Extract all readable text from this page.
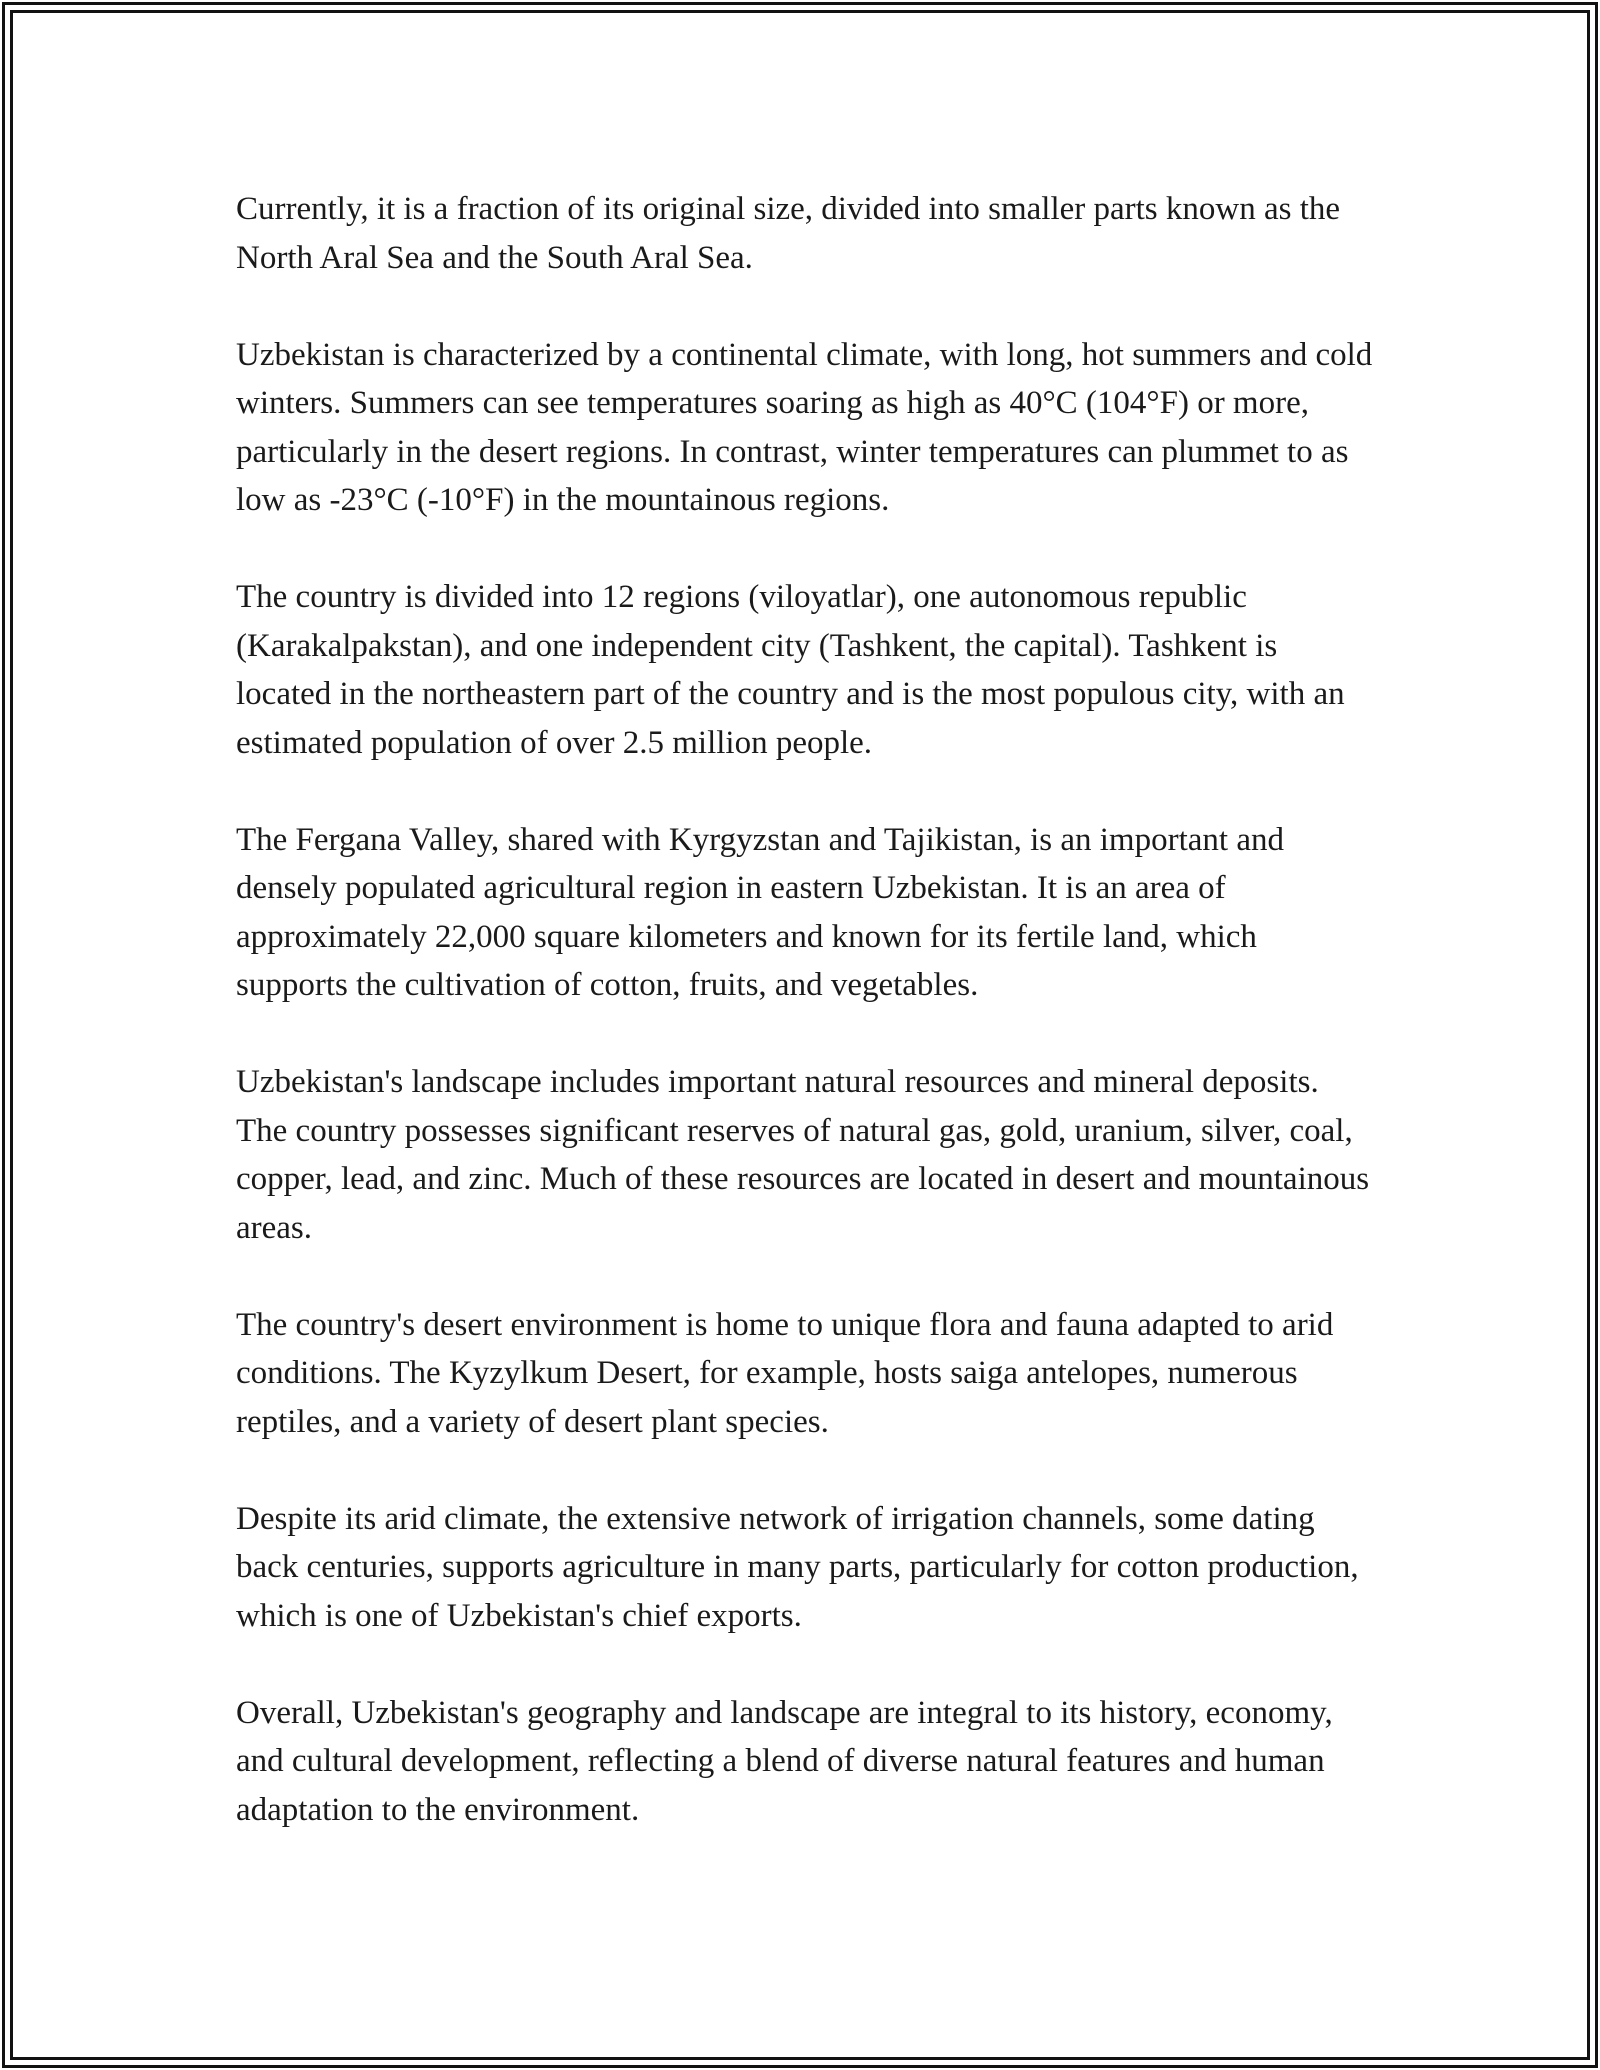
Currently, it is a fraction of its original size, divided into smaller parts known as the North Aral Sea and the South Aral Sea.

Uzbekistan is characterized by a continental climate, with long, hot summers and cold winters. Summers can see temperatures soaring as high as 40°C (104°F) or more, particularly in the desert regions. In contrast, winter temperatures can plummet to as low as -23°C (-10°F) in the mountainous regions.

The country is divided into 12 regions (viloyatlar), one autonomous republic (Karakalpakstan), and one independent city (Tashkent, the capital). Tashkent is located in the northeastern part of the country and is the most populous city, with an estimated population of over 2.5 million people.

The Fergana Valley, shared with Kyrgyzstan and Tajikistan, is an important and densely populated agricultural region in eastern Uzbekistan. It is an area of approximately 22,000 square kilometers and known for its fertile land, which supports the cultivation of cotton, fruits, and vegetables.

Uzbekistan's landscape includes important natural resources and mineral deposits. The country possesses significant reserves of natural gas, gold, uranium, silver, coal, copper, lead, and zinc. Much of these resources are located in desert and mountainous areas.

The country's desert environment is home to unique flora and fauna adapted to arid conditions. The Kyzylkum Desert, for example, hosts saiga antelopes, numerous reptiles, and a variety of desert plant species.

Despite its arid climate, the extensive network of irrigation channels, some dating back centuries, supports agriculture in many parts, particularly for cotton production, which is one of Uzbekistan's chief exports.

Overall, Uzbekistan's geography and landscape are integral to its history, economy, and cultural development, reflecting a blend of diverse natural features and human adaptation to the environment.
